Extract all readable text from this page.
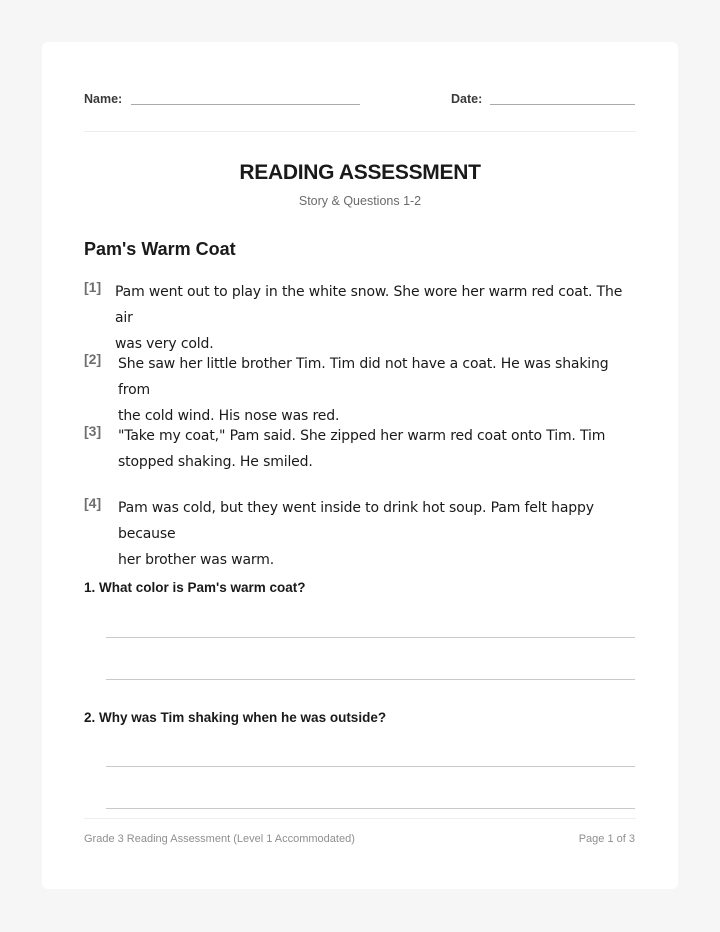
Name:	Date:
READING ASSESSMENT
Story & Questions 1-2
Pam's Warm Coat
[1] Pam went out to play in the white snow. She wore her warm red coat. The air
was very cold.
[2] She saw her little brother Tim. Tim did not have a coat. He was shaking from
the cold wind. His nose was red.
[3] "Take my coat," Pam said. She zipped her warm red coat onto Tim. Tim
stopped shaking. He smiled.
[4] Pam was cold, but they went inside to drink hot soup. Pam felt happy because
her brother was warm.
1. What color is Pam's warm coat?
2. Why was Tim shaking when he was outside?
Grade 3 Reading Assessment (Level 1 Accommodated)	Page 1 of 3
